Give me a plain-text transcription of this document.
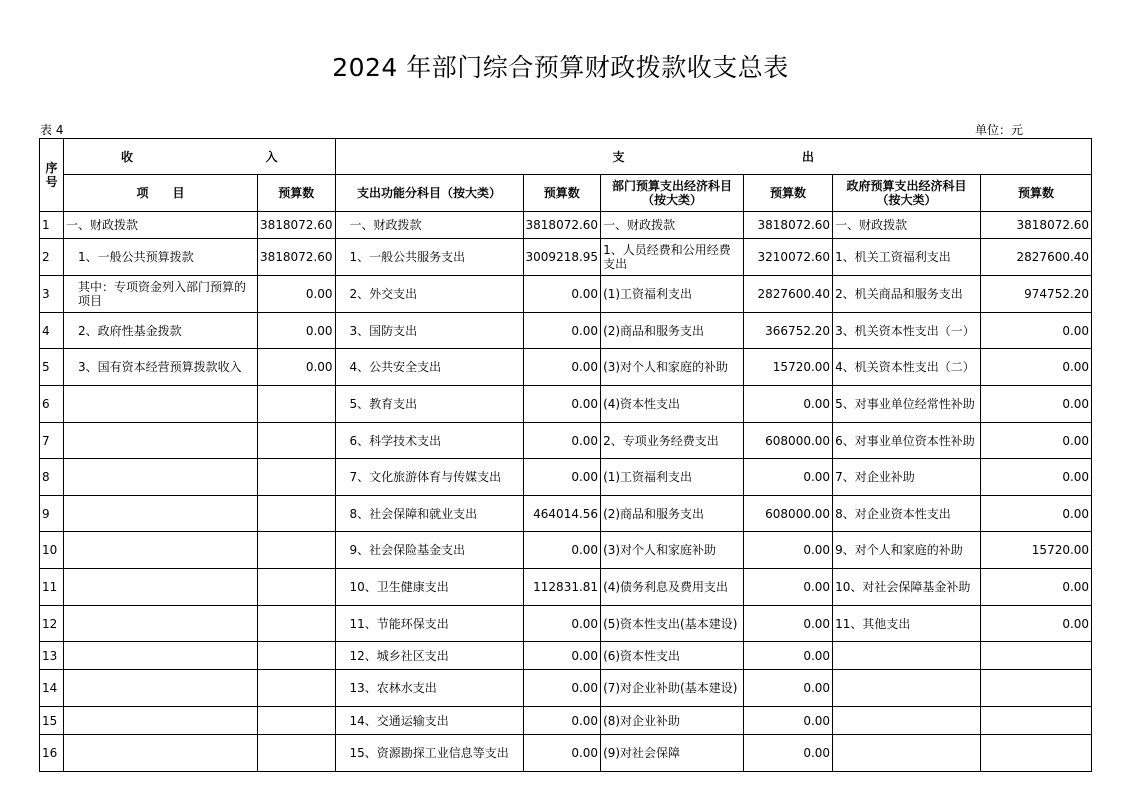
2024 年部门综合预算财政拨款收支总表
表 4	单位：元
序号	收 入		支 出					

	项　　目	预算数	支出功能分科目（按大类）	预算数	部门预算支出经济科目（按大类）	预算数	政府预算支出经济科目（按大类）	预算数
1	一、财政拨款	3818072.60	一、财政拨款	3818072.60	一、财政拨款	3818072.60	一、财政拨款	3818072.60
2	1、一般公共预算拨款	3818072.60	1、一般公共服务支出	3009218.95	1、人员经费和公用经费支出	3210072.60	1、机关工资福利支出	2827600.40
3	其中：专项资金列入部门预算的项目	0.00	2、外交支出	0.00	(1)工资福利支出	2827600.40	2、机关商品和服务支出	974752.20
4	2、政府性基金拨款	0.00	3、国防支出	0.00	(2)商品和服务支出	366752.20	3、机关资本性支出（一）	0.00
5	3、国有资本经营预算拨款收入	0.00	4、公共安全支出	0.00	(3)对个人和家庭的补助	15720.00	4、机关资本性支出（二）	0.00
6			5、教育支出	0.00	(4)资本性支出	0.00	5、对事业单位经常性补助	0.00
7			6、科学技术支出	0.00	2、专项业务经费支出	608000.00	6、对事业单位资本性补助	0.00
8			7、文化旅游体育与传媒支出	0.00	(1)工资福利支出	0.00	7、对企业补助	0.00
9			8、社会保障和就业支出	464014.56	(2)商品和服务支出	608000.00	8、对企业资本性支出	0.00
10			9、社会保险基金支出	0.00	(3)对个人和家庭补助	0.00	9、对个人和家庭的补助	15720.00
11			10、卫生健康支出	112831.81	(4)债务利息及费用支出	0.00	10、对社会保障基金补助	0.00
12			11、节能环保支出	0.00	(5)资本性支出(基本建设)	0.00	11、其他支出	0.00
13			12、城乡社区支出	0.00	(6)资本性支出	0.00		
14			13、农林水支出	0.00	(7)对企业补助(基本建设)	0.00		
15			14、交通运输支出	0.00	(8)对企业补助	0.00		
16			15、资源勘探工业信息等支出	0.00	(9)对社会保障	0.00		
